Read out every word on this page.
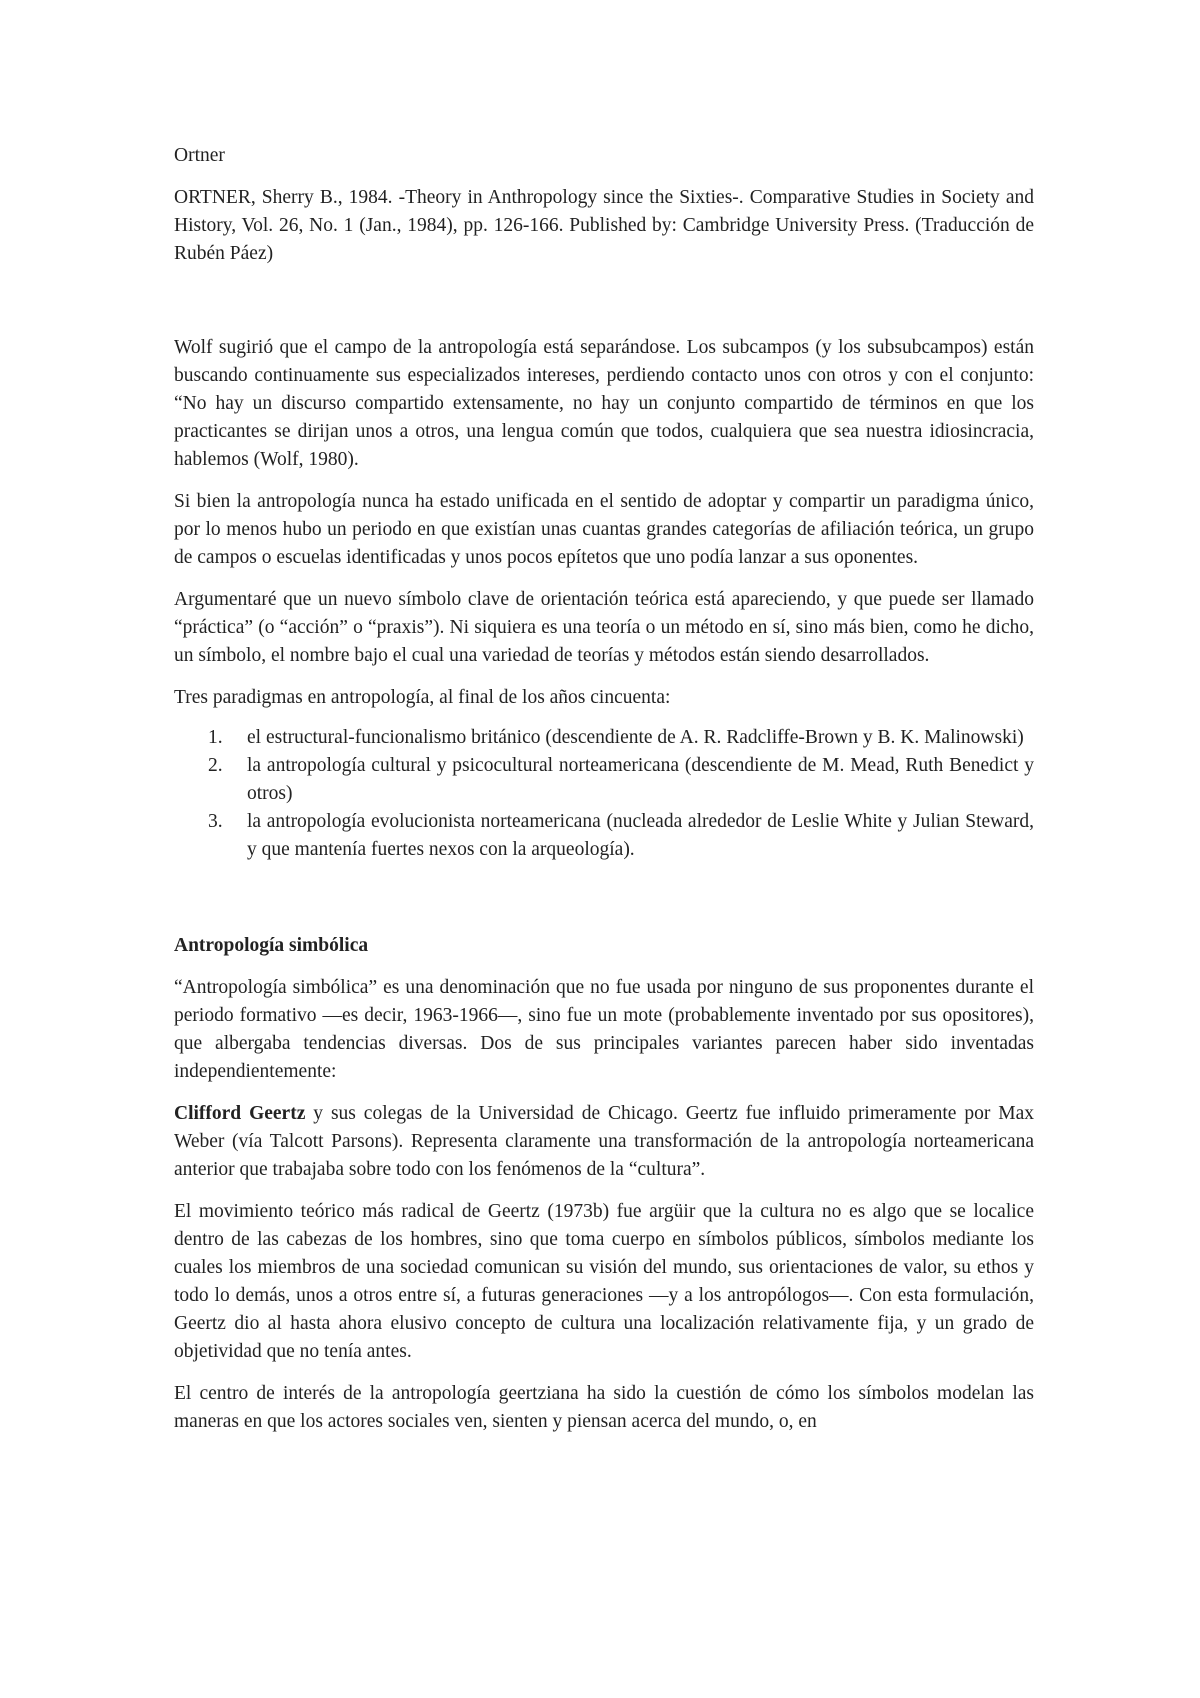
Ortner

ORTNER, Sherry B., 1984. -Theory in Anthropology since the Sixties-. Comparative Studies in Society and History, Vol. 26, No. 1 (Jan., 1984), pp. 126-166. Published by: Cambridge University Press. (Traducción de Rubén Páez)

Wolf sugirió que el campo de la antropología está separándose. Los subcampos (y los subsubcampos) están buscando continuamente sus especializados intereses, perdiendo contacto unos con otros y con el conjunto: “No hay un discurso compartido extensamente, no hay un conjunto compartido de términos en que los practicantes se dirijan unos a otros, una lengua común que todos, cualquiera que sea nuestra idiosincracia, hablemos (Wolf, 1980).

Si bien la antropología nunca ha estado unificada en el sentido de adoptar y compartir un paradigma único, por lo menos hubo un periodo en que existían unas cuantas grandes categorías de afiliación teórica, un grupo de campos o escuelas identificadas y unos pocos epítetos que uno podía lanzar a sus oponentes.

Argumentaré que un nuevo símbolo clave de orientación teórica está apareciendo, y que puede ser llamado “práctica” (o “acción” o “praxis”). Ni siquiera es una teoría o un método en sí, sino más bien, como he dicho, un símbolo, el nombre bajo el cual una variedad de teorías y métodos están siendo desarrollados.

Tres paradigmas en antropología, al final de los años cincuenta:

1. el estructural-funcionalismo británico (descendiente de A. R. Radcliffe-Brown y B. K. Malinowski)
2. la antropología cultural y psicocultural norteamericana (descendiente de M. Mead, Ruth Benedict y otros)
3. la antropología evolucionista norteamericana (nucleada alrededor de Leslie White y Julian Steward, y que mantenía fuertes nexos con la arqueología).

Antropología simbólica

“Antropología simbólica” es una denominación que no fue usada por ninguno de sus proponentes durante el periodo formativo —es decir, 1963-1966—, sino fue un mote (probablemente inventado por sus opositores), que albergaba tendencias diversas. Dos de sus principales variantes parecen haber sido inventadas independientemente:

Clifford Geertz y sus colegas de la Universidad de Chicago. Geertz fue influido primeramente por Max Weber (vía Talcott Parsons). Representa claramente una transformación de la antropología norteamericana anterior que trabajaba sobre todo con los fenómenos de la “cultura”.

El movimiento teórico más radical de Geertz (1973b) fue argüir que la cultura no es algo que se localice dentro de las cabezas de los hombres, sino que toma cuerpo en símbolos públicos, símbolos mediante los cuales los miembros de una sociedad comunican su visión del mundo, sus orientaciones de valor, su ethos y todo lo demás, unos a otros entre sí, a futuras generaciones —y a los antropólogos—. Con esta formulación, Geertz dio al hasta ahora elusivo concepto de cultura una localización relativamente fija, y un grado de objetividad que no tenía antes.

El centro de interés de la antropología geertziana ha sido la cuestión de cómo los símbolos modelan las maneras en que los actores sociales ven, sienten y piensan acerca del mundo, o, en
